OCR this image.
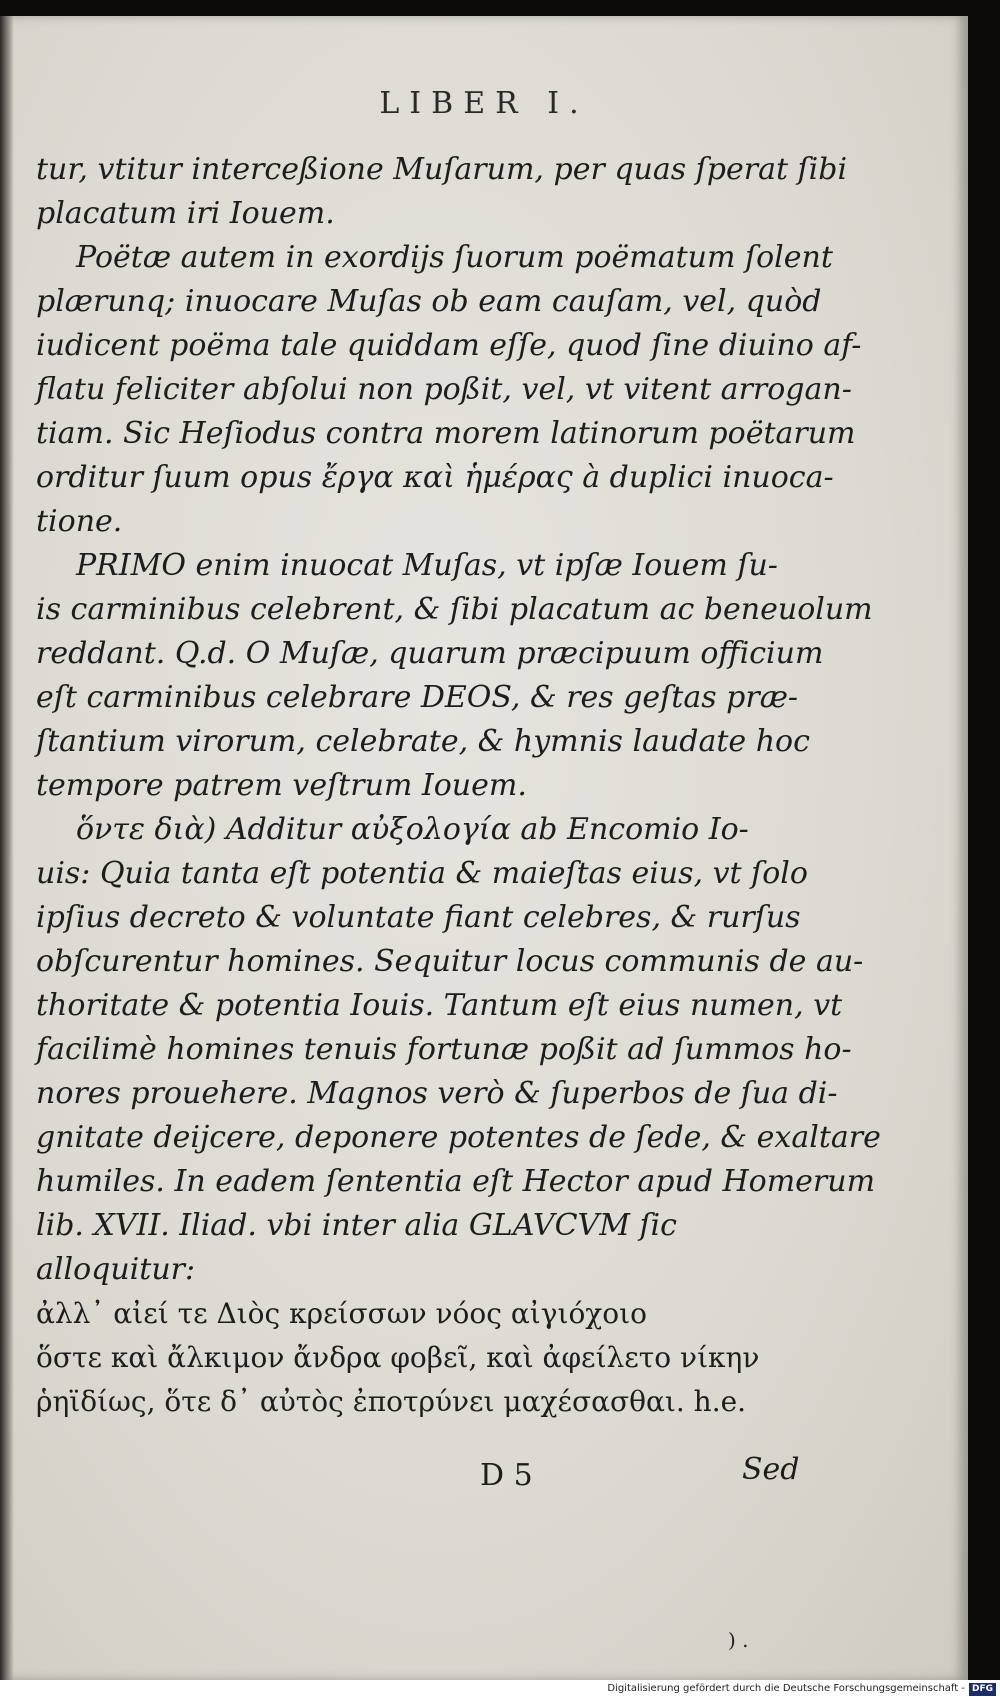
LIBER I.
tur, vtitur interceßione Muſarum, per quas ſperat ſibi
placatum iri Iouem.
Poëtæ autem in exordijs ſuorum poëmatum ſolent
plærunq; inuocare Muſas ob eam cauſam, vel, quòd
iudicent poëma tale quiddam eſſe, quod ſine diuino af-
flatu feliciter abſolui non poßit, vel, vt vitent arrogan-
tiam. Sic Heſiodus contra morem latinorum poëtarum
orditur ſuum opus ἔργα καὶ ἡμέρας à duplici inuoca-
tione.
PRIMO enim inuocat Muſas, vt ipſæ Iouem ſu-
is carminibus celebrent, & ſibi placatum ac beneuolum
reddant. Q.d. O Muſæ, quarum præcipuum officium
eſt carminibus celebrare DEOS, & res geſtas præ-
ſtantium virorum, celebrate, & hymnis laudate hoc
tempore patrem veſtrum Iouem.
ὅντε διὰ) Additur αὐξολογία ab Encomio Io-
uis: Quia tanta eſt potentia & maieſtas eius, vt ſolo
ipſius decreto & voluntate fiant celebres, & rurſus
obſcurentur homines. Sequitur locus communis de au-
thoritate & potentia Iouis. Tantum eſt eius numen, vt
facilimè homines tenuis fortunæ poßit ad ſummos ho-
nores prouehere. Magnos verò & ſuperbos de ſua di-
gnitate deijcere, deponere potentes de ſede, & exaltare
humiles. In eadem ſententia eſt Hector apud Homerum
lib. XVII. Iliad. vbi inter alia GLAVCVM ſic
alloquitur:
ἀλλ᾽ αἰεί τε Διὸς κρείσσων νόος αἰγιόχοιο
ὅστε καὶ ἄλκιμον ἄνδρα φοβεῖ, καὶ ἀφείλετο νίκην
ῥηϊδίως, ὅτε δ᾽ αὐτὸς ἐποτρύνει μαχέσασθαι. h.e.
D 5	Sed
) .
Digitalisierung gefördert durch die Deutsche Forschungsgemeinschaft - DFG
